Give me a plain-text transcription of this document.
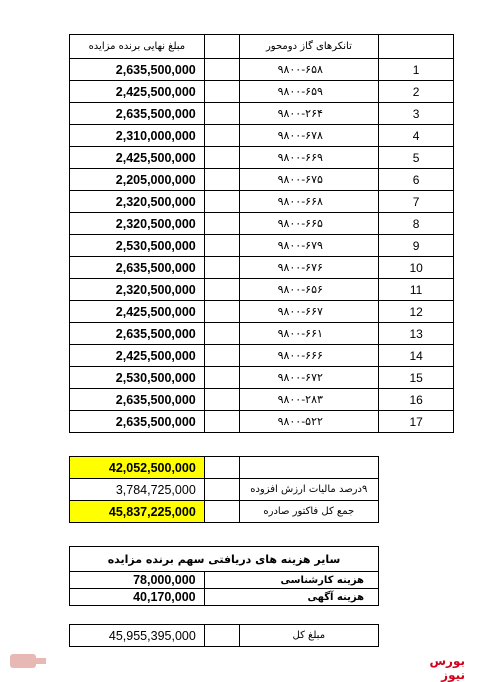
مبلغ نهایی برنده مزایده		تانکرهای گاز دومحور	
2,635,500,000		۹۸۰۰-۶۵۸	1
2,425,500,000		۹۸۰۰-۶۵۹	2
2,635,500,000		۹۸۰۰-۲۶۴	3
2,310,000,000		۹۸۰۰-۶۷۸	4
2,425,500,000		۹۸۰۰-۶۶۹	5
2,205,000,000		۹۸۰۰-۶۷۵	6
2,320,500,000		۹۸۰۰-۶۶۸	7
2,320,500,000		۹۸۰۰-۶۶۵	8
2,530,500,000		۹۸۰۰-۶۷۹	9
2,635,500,000		۹۸۰۰-۶۷۶	10
2,320,500,000		۹۸۰۰-۶۵۶	11
2,425,500,000		۹۸۰۰-۶۶۷	12
2,635,500,000		۹۸۰۰-۶۶۱	13
2,425,500,000		۹۸۰۰-۶۶۶	14
2,530,500,000		۹۸۰۰-۶۷۲	15
2,635,500,000		۹۸۰۰-۲۸۳	16
2,635,500,000		۹۸۰۰-۵۲۲	17
42,052,500,000		
3,784,725,000		۹درصد مالیات ارزش افزوده
45,837,225,000		جمع کل فاکتور صادره
سایر هزینه های دریافتی سهم برنده مزایده	
78,000,000	هزینه کارشناسی
40,170,000	هزینه آگهی
45,955,395,000		مبلغ کل
بورس نیوز
